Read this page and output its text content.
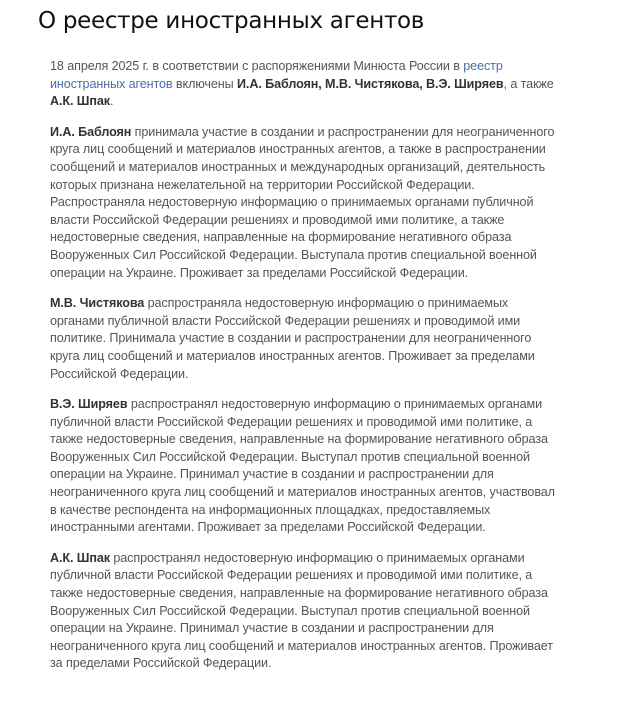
О реестре иностранных агентов

18 апреля 2025 г. в соответствии с распоряжениями Минюста России в реестр иностранных агентов включены И.А. Баблоян, М.В. Чистякова, В.Э. Ширяев, а также А.К. Шпак.

И.А. Баблоян принимала участие в создании и распространении для неограниченного круга лиц сообщений и материалов иностранных агентов, а также в распространении сообщений и материалов иностранных и международных организаций, деятельность которых признана нежелательной на территории Российской Федерации. Распространяла недостоверную информацию о принимаемых органами публичной власти Российской Федерации решениях и проводимой ими политике, а также недостоверные сведения, направленные на формирование негативного образа Вооруженных Сил Российской Федерации. Выступала против специальной военной операции на Украине. Проживает за пределами Российской Федерации.

М.В. Чистякова распространяла недостоверную информацию о принимаемых органами публичной власти Российской Федерации решениях и проводимой ими политике. Принимала участие в создании и распространении для неограниченного круга лиц сообщений и материалов иностранных агентов. Проживает за пределами Российской Федерации.

В.Э. Ширяев распространял недостоверную информацию о принимаемых органами публичной власти Российской Федерации решениях и проводимой ими политике, а также недостоверные сведения, направленные на формирование негативного образа Вооруженных Сил Российской Федерации. Выступал против специальной военной операции на Украине. Принимал участие в создании и распространении для неограниченного круга лиц сообщений и материалов иностранных агентов, участвовал в качестве респондента на информационных площадках, предоставляемых иностранными агентами. Проживает за пределами Российской Федерации.

А.К. Шпак распространял недостоверную информацию о принимаемых органами публичной власти Российской Федерации решениях и проводимой ими политике, а также недостоверные сведения, направленные на формирование негативного образа Вооруженных Сил Российской Федерации. Выступал против специальной военной операции на Украине. Принимал участие в создании и распространении для неограниченного круга лиц сообщений и материалов иностранных агентов. Проживает за пределами Российской Федерации.
